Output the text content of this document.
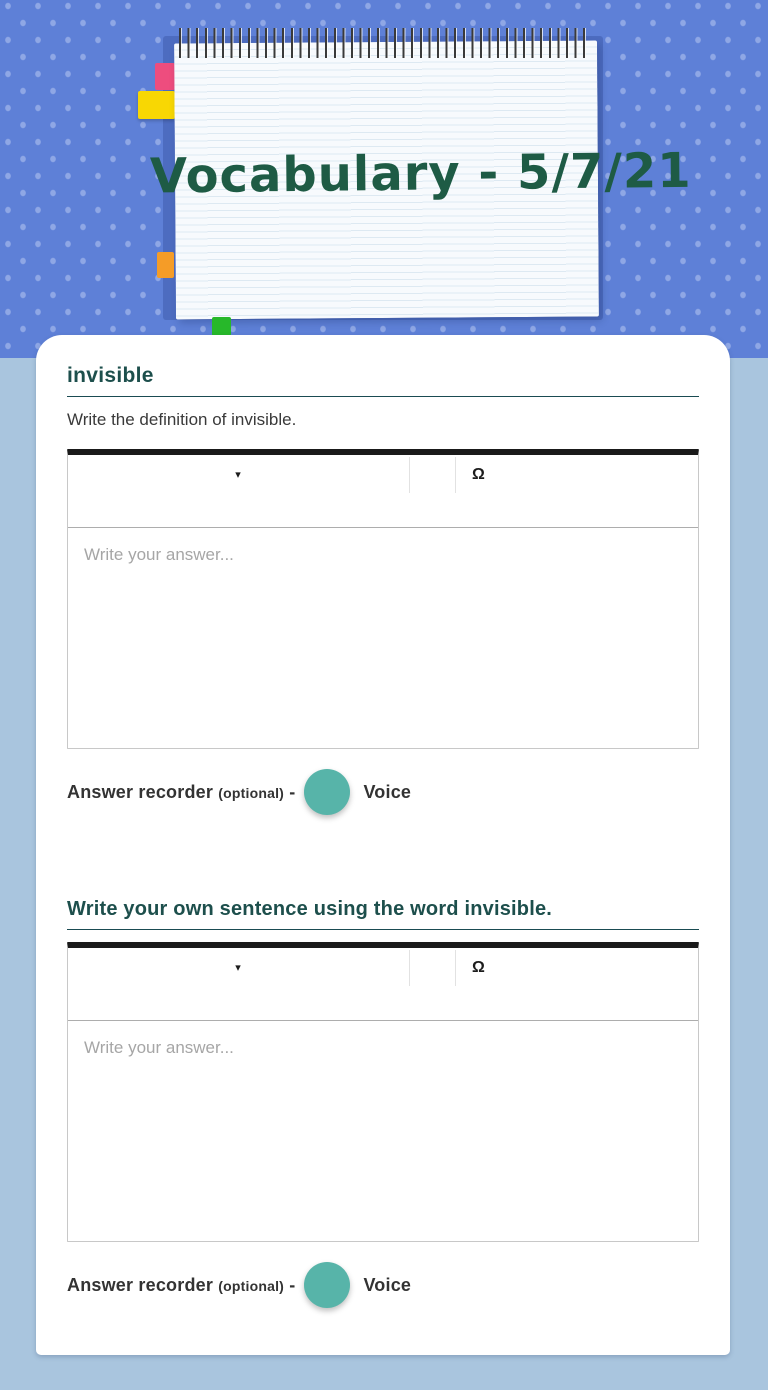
Vocabulary - 5/7/21
invisible

Write the definition of invisible.

▾	Ω
Write your answer...
Answer recorder (optional) -	Voice
Write your own sentence using the word invisible.
▾	Ω
Write your answer...
Answer recorder (optional) -	Voice
